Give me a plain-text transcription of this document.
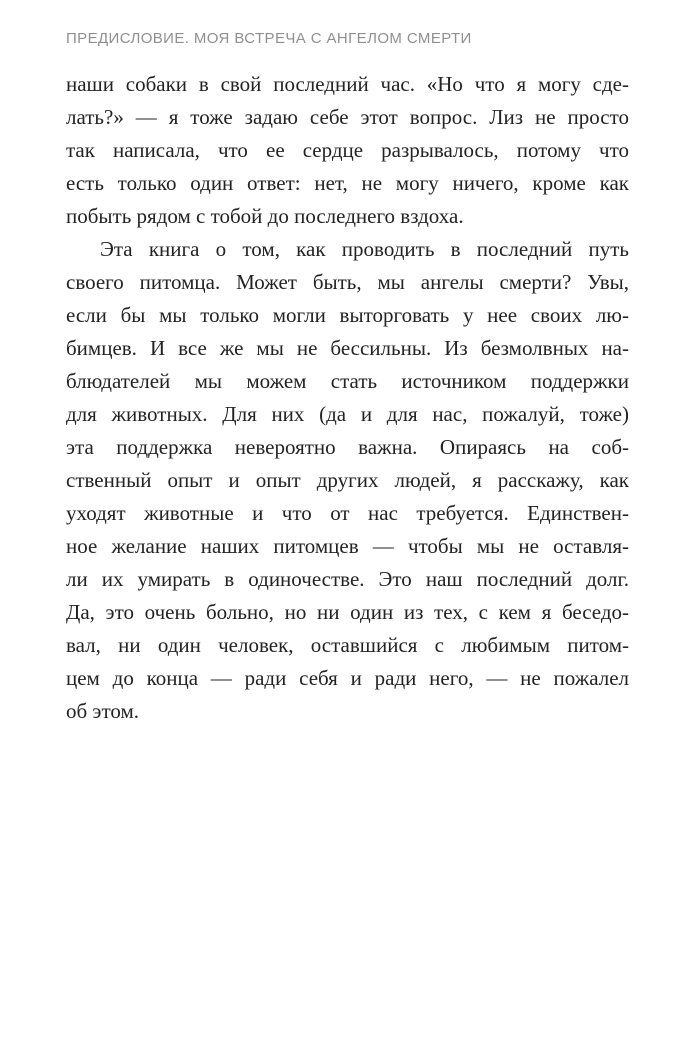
ПРЕДИСЛОВИЕ. МОЯ ВСТРЕЧА С АНГЕЛОМ СМЕРТИ
наши собаки в свой последний час. «Но что я могу сде-
лать?» — я тоже задаю себе этот вопрос. Лиз не просто
так написала, что ее сердце разрывалось, потому что
есть только один ответ: нет, не могу ничего, кроме как
побыть рядом с тобой до последнего вздоха.
Эта книга о том, как проводить в последний путь
своего питомца. Может быть, мы ангелы смерти? Увы,
если бы мы только могли выторговать у нее своих лю-
бимцев. И все же мы не бессильны. Из безмолвных на-
блюдателей мы можем стать источником поддержки
для животных. Для них (да и для нас, пожалуй, тоже)
эта поддержка невероятно важна. Опираясь на соб-
ственный опыт и опыт других людей, я расскажу, как
уходят животные и что от нас требуется. Единствен-
ное желание наших питомцев — чтобы мы не оставля-
ли их умирать в одиночестве. Это наш последний долг.
Да, это очень больно, но ни один из тех, с кем я беседо-
вал, ни один человек, оставшийся с любимым питом-
цем до конца — ради себя и ради него, — не пожалел
об этом.
